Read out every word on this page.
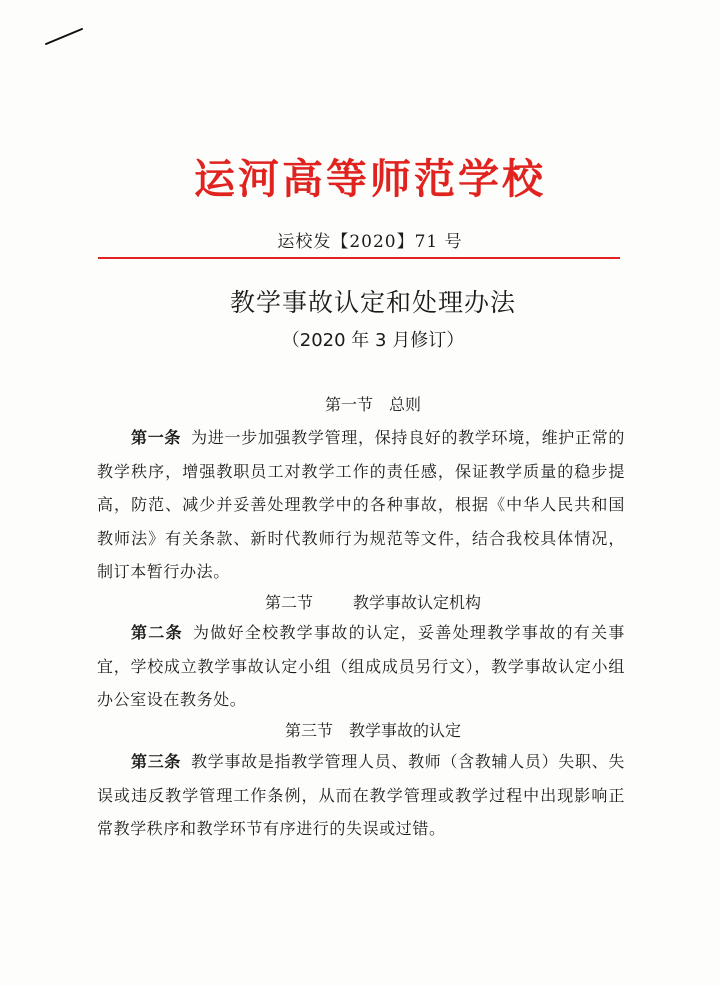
运河高等师范学校
运校发【2020】71 号
教学事故认定和处理办法
（2020 年 3 月修订）
第一节 总则
第一条 为进一步加强教学管理，保持良好的教学环境，维护正常的教学秩序，增强教职员工对教学工作的责任感，保证教学质量的稳步提高，防范、减少并妥善处理教学中的各种事故，根据《中华人民共和国教师法》有关条款、新时代教师行为规范等文件，结合我校具体情况，制订本暂行办法。
第二节	教学事故认定机构
第二条 为做好全校教学事故的认定，妥善处理教学事故的有关事宜，学校成立教学事故认定小组（组成成员另行文），教学事故认定小组办公室设在教务处。
第三节 教学事故的认定
第三条 教学事故是指教学管理人员、教师（含教辅人员）失职、失误或违反教学管理工作条例，从而在教学管理或教学过程中出现影响正常教学秩序和教学环节有序进行的失误或过错。
